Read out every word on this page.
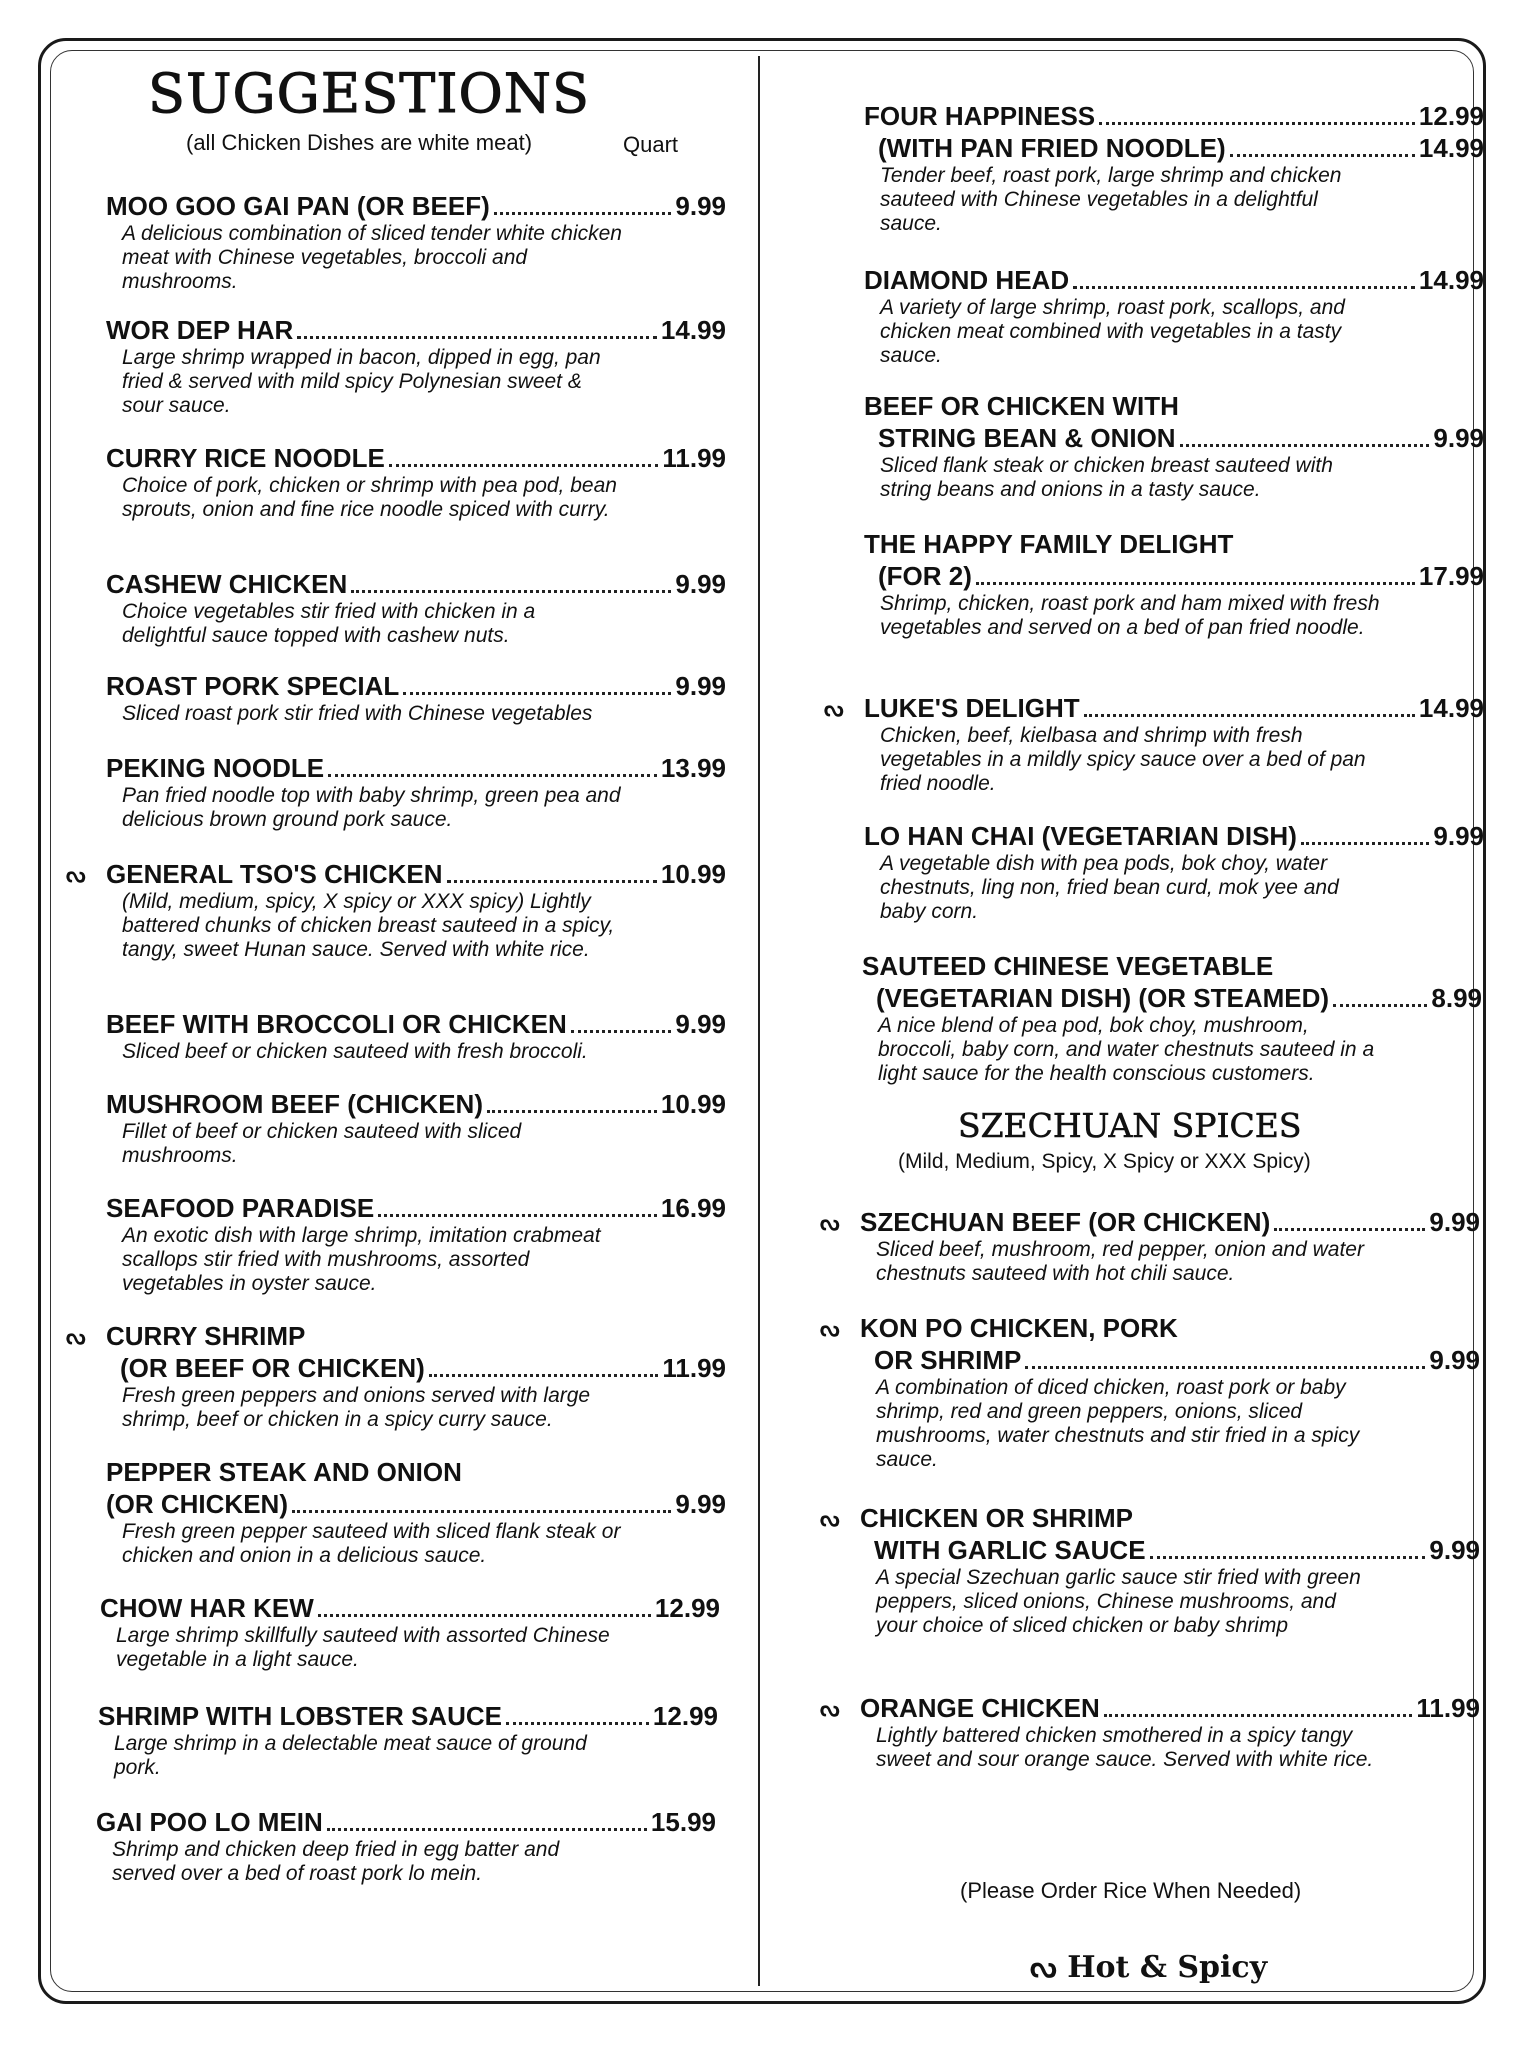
SUGGESTIONS
(all Chicken Dishes are white meat)	Quart
MOO GOO GAI PAN (OR BEEF)	9.99
A delicious combination of sliced tender white chicken meat with Chinese vegetables, broccoli and mushrooms.
WOR DEP HAR	14.99
Large shrimp wrapped in bacon, dipped in egg, pan fried & served with mild spicy Polynesian sweet & sour sauce.
CURRY RICE NOODLE	11.99
Choice of pork, chicken or shrimp with pea pod, bean sprouts, onion and fine rice noodle spiced with curry.
CASHEW CHICKEN	9.99
Choice vegetables stir fried with chicken in a delightful sauce topped with cashew nuts.
ROAST PORK SPECIAL	9.99
Sliced roast pork stir fried with Chinese vegetables
PEKING NOODLE	13.99
Pan fried noodle top with baby shrimp, green pea and delicious brown ground pork sauce.
ᔓ GENERAL TSO'S CHICKEN	10.99
(Mild, medium, spicy, X spicy or XXX spicy) Lightly battered chunks of chicken breast sauteed in a spicy, tangy, sweet Hunan sauce. Served with white rice.
BEEF WITH BROCCOLI OR CHICKEN	9.99
Sliced beef or chicken sauteed with fresh broccoli.
MUSHROOM BEEF (CHICKEN)	10.99
Fillet of beef or chicken sauteed with sliced mushrooms.
SEAFOOD PARADISE	16.99
An exotic dish with large shrimp, imitation crabmeat scallops stir fried with mushrooms, assorted vegetables in oyster sauce.
ᔓ CURRY SHRIMP
(OR BEEF OR CHICKEN)	11.99
Fresh green peppers and onions served with large shrimp, beef or chicken in a spicy curry sauce.
PEPPER STEAK AND ONION
(OR CHICKEN)	9.99
Fresh green pepper sauteed with sliced flank steak or chicken and onion in a delicious sauce.
CHOW HAR KEW	12.99
Large shrimp skillfully sauteed with assorted Chinese vegetable in a light sauce.
SHRIMP WITH LOBSTER SAUCE	12.99
Large shrimp in a delectable meat sauce of ground pork.
GAI POO LO MEIN	15.99
Shrimp and chicken deep fried in egg batter and served over a bed of roast pork lo mein.
FOUR HAPPINESS	12.99
(WITH PAN FRIED NOODLE)	14.99
Tender beef, roast pork, large shrimp and chicken sauteed with Chinese vegetables in a delightful sauce.
DIAMOND HEAD	14.99
A variety of large shrimp, roast pork, scallops, and chicken meat combined with vegetables in a tasty sauce.
BEEF OR CHICKEN WITH
STRING BEAN & ONION	9.99
Sliced flank steak or chicken breast sauteed with string beans and onions in a tasty sauce.
THE HAPPY FAMILY DELIGHT
(FOR 2)	17.99
Shrimp, chicken, roast pork and ham mixed with fresh vegetables and served on a bed of pan fried noodle.
ᔓ LUKE'S DELIGHT	14.99
Chicken, beef, kielbasa and shrimp with fresh vegetables in a mildly spicy sauce over a bed of pan fried noodle.
LO HAN CHAI (VEGETARIAN DISH)	9.99
A vegetable dish with pea pods, bok choy, water chestnuts, ling non, fried bean curd, mok yee and baby corn.
SAUTEED CHINESE VEGETABLE
(VEGETARIAN DISH) (OR STEAMED)	8.99
A nice blend of pea pod, bok choy, mushroom, broccoli, baby corn, and water chestnuts sauteed in a light sauce for the health conscious customers.
SZECHUAN SPICES
(Mild, Medium, Spicy, X Spicy or XXX Spicy)
ᔓ SZECHUAN BEEF (OR CHICKEN)	9.99
Sliced beef, mushroom, red pepper, onion and water chestnuts sauteed with hot chili sauce.
ᔓ KON PO CHICKEN, PORK
OR SHRIMP	9.99
A combination of diced chicken, roast pork or baby shrimp, red and green peppers, onions, sliced mushrooms, water chestnuts and stir fried in a spicy sauce.
ᔓ CHICKEN OR SHRIMP
WITH GARLIC SAUCE	9.99
A special Szechuan garlic sauce stir fried with green peppers, sliced onions, Chinese mushrooms, and your choice of sliced chicken or baby shrimp
ᔓ ORANGE CHICKEN	11.99
Lightly battered chicken smothered in a spicy tangy sweet and sour orange sauce. Served with white rice.
(Please Order Rice When Needed)
ᔓ Hot & Spicy
